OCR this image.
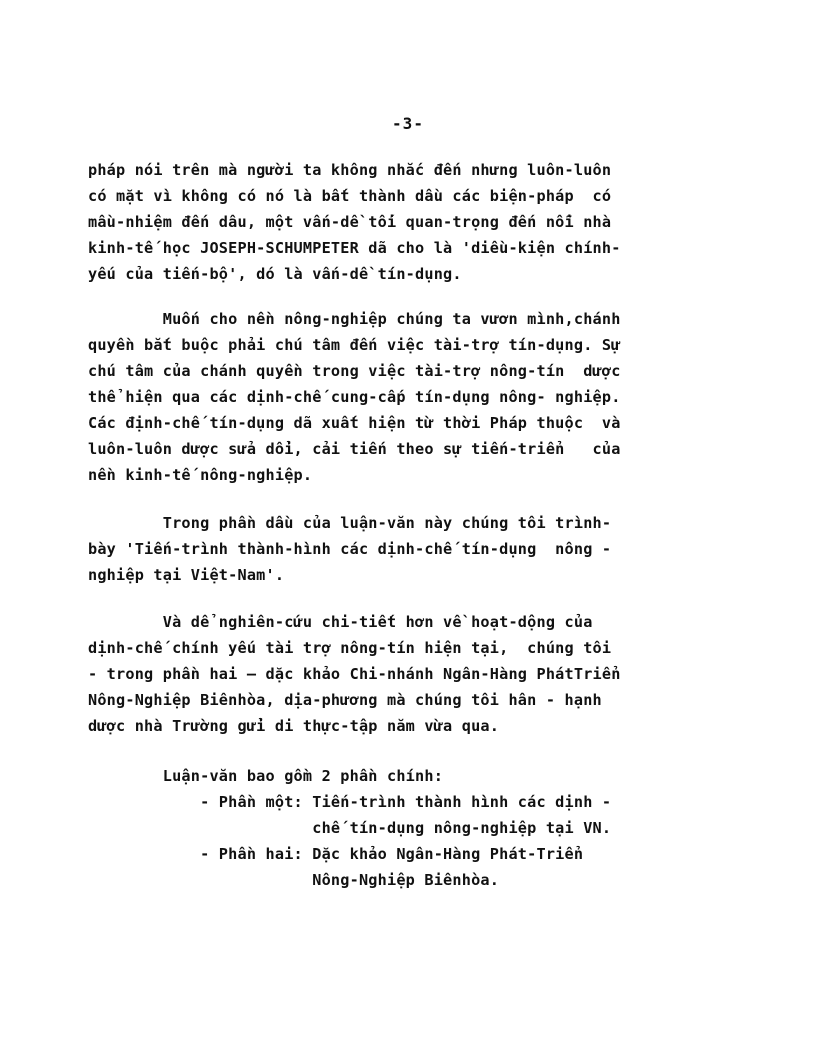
-3-
pháp nói trên mà người ta không nhắc đến nhưng luôn-luôn
có mặt vì không có nó là bất thành dầu các biện-pháp  có
mầu-nhiệm đến dâu, một vấn-dề tối quan-trọng đến nỗi nhà
kinh-tế học JOSEPH-SCHUMPETER dã cho là 'diều-kiện chính-
yếu của tiến-bộ', dó là vấn-dề tín-dụng.
Muốn cho nền nông-nghiệp chúng ta vươn mình,chánh
quyền bắt buộc phải chú tâm đến việc tài-trợ tín-dụng. Sự
chú tâm của chánh quyền trong việc tài-trợ nông-tín  dược
thể hiện qua các dịnh-chế cung-cấp tín-dụng nông- nghiệp.
Các định-chế tín-dụng dã xuất hiện từ thời Pháp thuộc  và
luôn-luôn dược sửa dổi, cải tiến theo sự tiến-triển   của
nền kinh-tế nông-nghiệp.
Trong phần dầu của luận-văn này chúng tôi trình-
bày 'Tiến-trình thành-hình các dịnh-chế tín-dụng  nông -
nghiệp tại Việt-Nam'.
Và dể nghiên-cứu chi-tiết hơn về hoạt-dộng của
dịnh-chế chính yếu tài trợ nông-tín hiện tại,  chúng tôi
- trong phần hai — dặc khảo Chi-nhánh Ngân-Hàng PhátTriển
Nông-Nghiệp Biênhòa, dịa-phương mà chúng tôi hân - hạnh
dược nhà Trường gửi di thực-tập năm vừa qua.
Luận-văn bao gồm 2 phần chính:
- Phần một: Tiến-trình thành hình các dịnh -
chế tín-dụng nông-nghiệp tại VN.
- Phần hai: Dặc khảo Ngân-Hàng Phát-Triển
Nông-Nghiệp Biênhòa.
